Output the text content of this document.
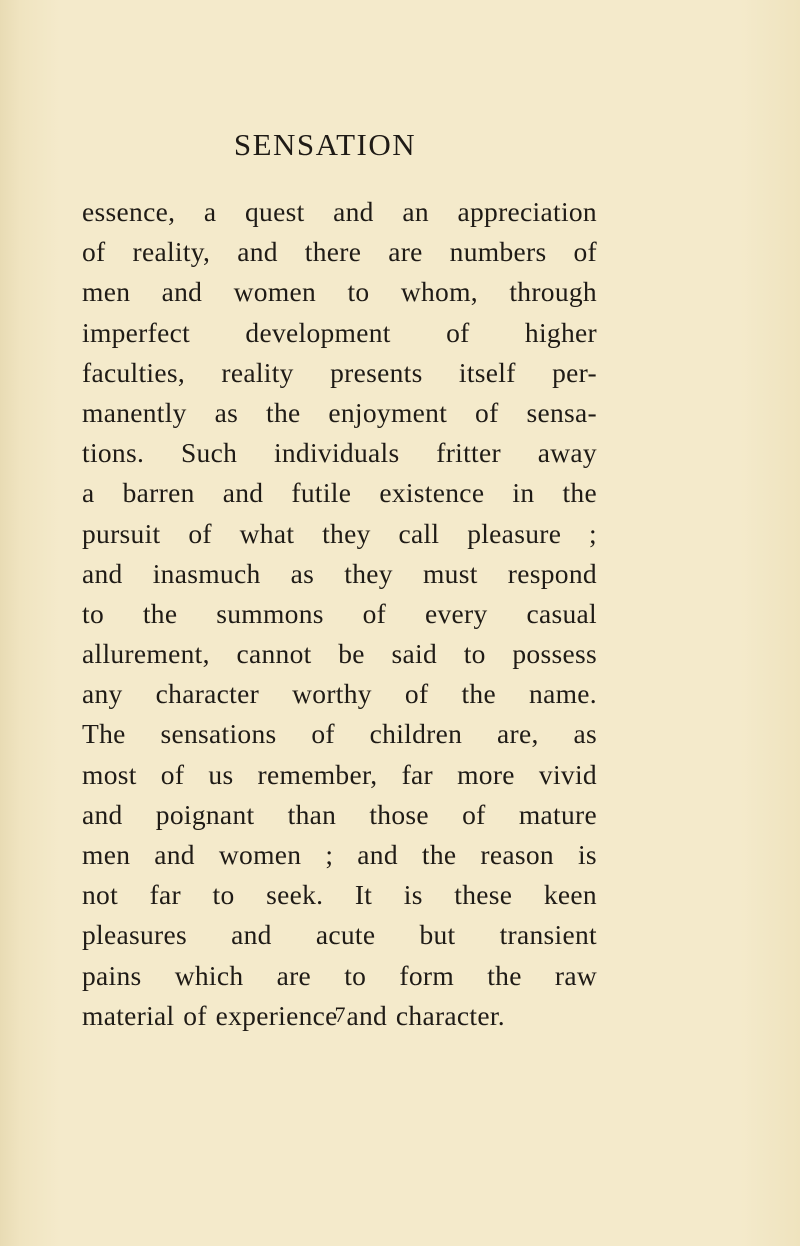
SENSATION
essence, a quest and an appreciation
of reality, and there are numbers of
men and women to whom, through
imperfect development of higher
faculties, reality presents itself per-
manently as the enjoyment of sensa-
tions. Such individuals fritter away
a barren and futile existence in the
pursuit of what they call pleasure ;
and inasmuch as they must respond
to the summons of every casual
allurement, cannot be said to possess
any character worthy of the name.
The sensations of children are, as
most of us remember, far more vivid
and poignant than those of mature
men and women ; and the reason is
not far to seek. It is these keen
pleasures and acute but transient
pains which are to form the raw
material of experience and character.
7
